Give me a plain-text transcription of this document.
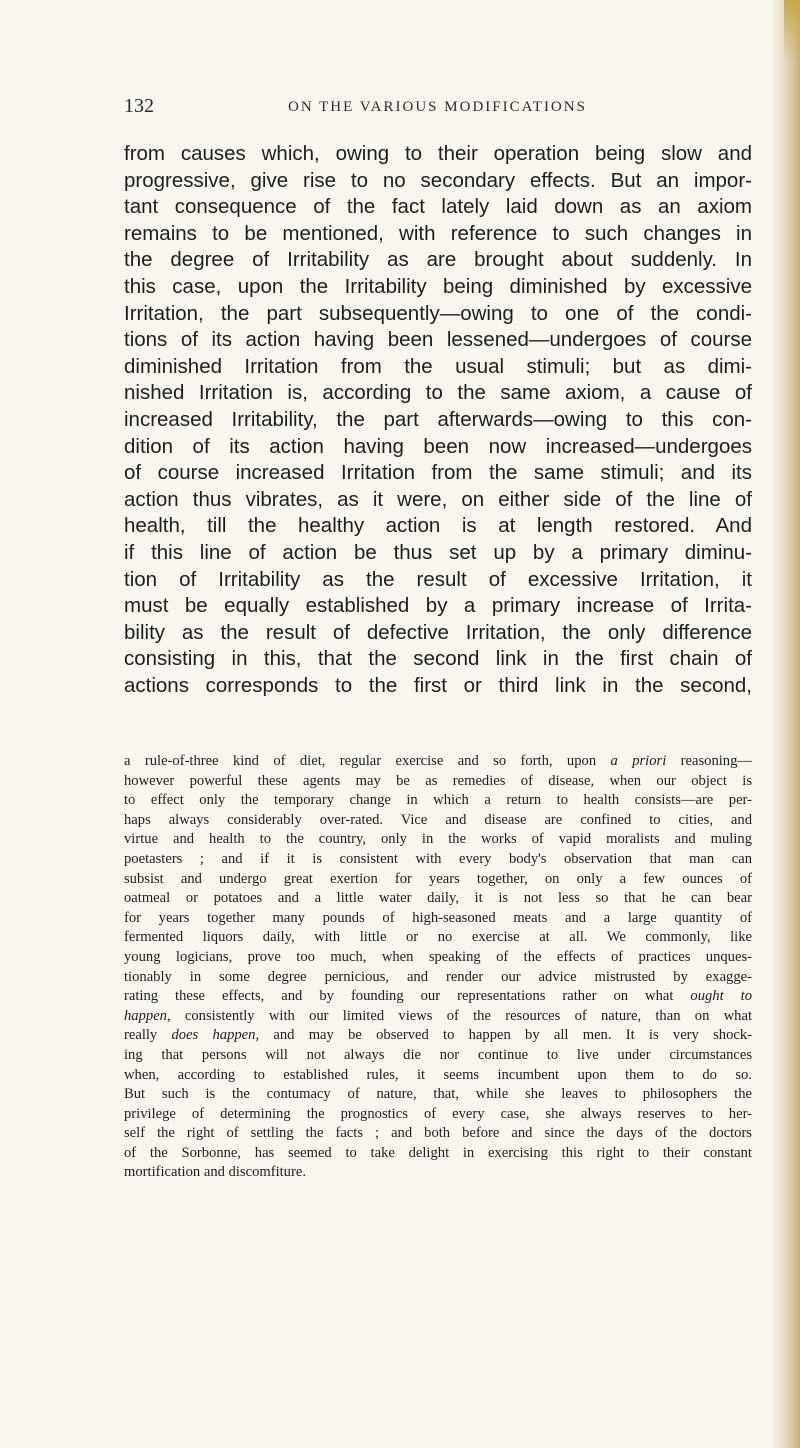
132	ON THE VARIOUS MODIFICATIONS
from causes which, owing to their operation being slow and
progressive, give rise to no secondary effects. But an impor-
tant consequence of the fact lately laid down as an axiom
remains to be mentioned, with reference to such changes in
the degree of Irritability as are brought about suddenly. In
this case, upon the Irritability being diminished by excessive
Irritation, the part subsequently—owing to one of the condi-
tions of its action having been lessened—undergoes of course
diminished Irritation from the usual stimuli; but as dimi-
nished Irritation is, according to the same axiom, a cause of
increased Irritability, the part afterwards—owing to this con-
dition of its action having been now increased—undergoes
of course increased Irritation from the same stimuli; and its
action thus vibrates, as it were, on either side of the line of
health, till the healthy action is at length restored. And
if this line of action be thus set up by a primary diminu-
tion of Irritability as the result of excessive Irritation, it
must be equally established by a primary increase of Irrita-
bility as the result of defective Irritation, the only difference
consisting in this, that the second link in the first chain of
actions corresponds to the first or third link in the second,
a rule-of-three kind of diet, regular exercise and so forth, upon a priori reasoning—
however powerful these agents may be as remedies of disease, when our object is
to effect only the temporary change in which a return to health consists—are per-
haps always considerably over-rated. Vice and disease are confined to cities, and
virtue and health to the country, only in the works of vapid moralists and muling
poetasters ; and if it is consistent with every body's observation that man can
subsist and undergo great exertion for years together, on only a few ounces of
oatmeal or potatoes and a little water daily, it is not less so that he can bear
for years together many pounds of high-seasoned meats and a large quantity of
fermented liquors daily, with little or no exercise at all. We commonly, like
young logicians, prove too much, when speaking of the effects of practices unques-
tionably in some degree pernicious, and render our advice mistrusted by exagge-
rating these effects, and by founding our representations rather on what ought to
happen, consistently with our limited views of the resources of nature, than on what
really does happen, and may be observed to happen by all men. It is very shock-
ing that persons will not always die nor continue to live under circumstances
when, according to established rules, it seems incumbent upon them to do so.
But such is the contumacy of nature, that, while she leaves to philosophers the
privilege of determining the prognostics of every case, she always reserves to her-
self the right of settling the facts ; and both before and since the days of the doctors
of the Sorbonne, has seemed to take delight in exercising this right to their constant
mortification and discomfiture.
